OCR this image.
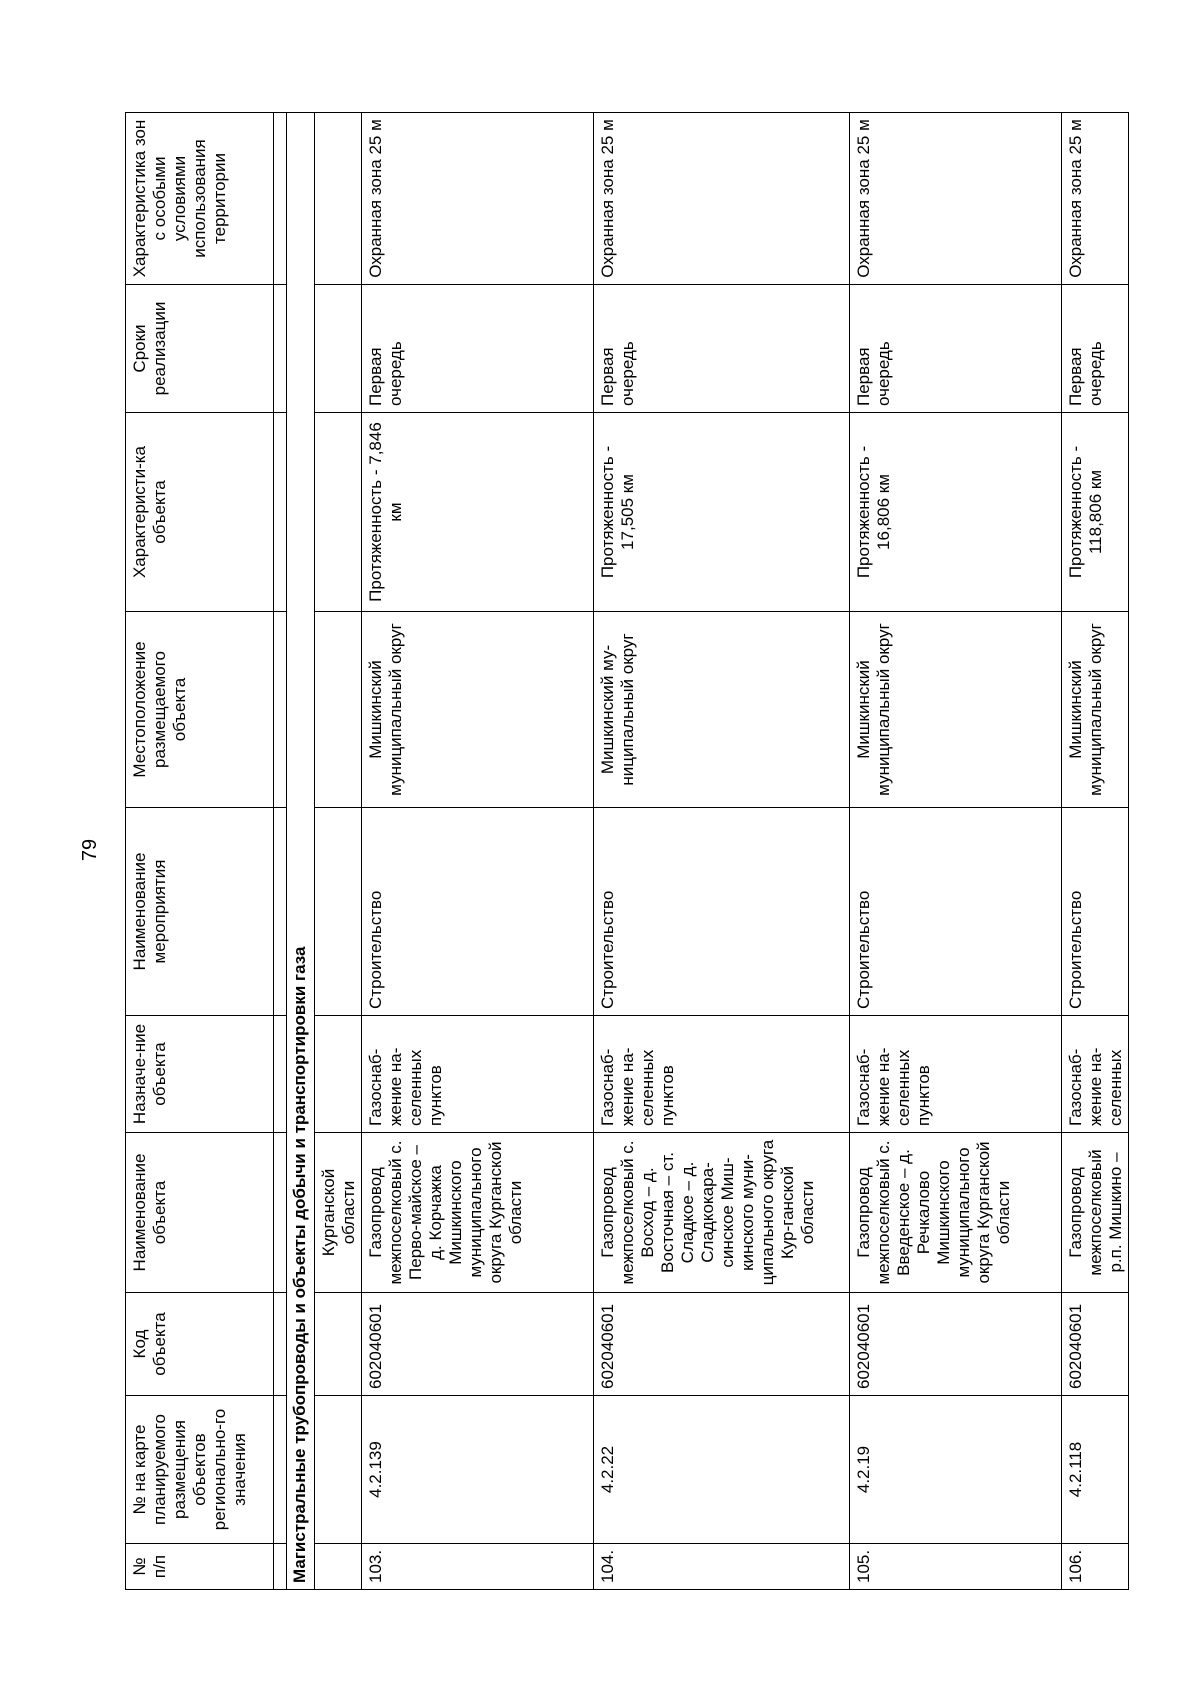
79
№ п/п	№ на карте планируемого размещения объектов регионально-го значения	Код объекта	Наименование объекта	Назначе-ние объекта	Наименование мероприятия	Местоположение размещаемого объекта	Характеристи-ка объекта	Сроки реализации	Характеристика зон с особыми условиями использования территории

Магистральные трубопроводы и объекты добычи и транспортировки газа									
			Курганской области						
103.	4.2.139	602040601	Газопровод межпоселковый с. Перво-майское – д. Корчажка Мишкинского муниципального округа Курганской области	Газоснаб-жение на-селенных пунктов	Строительство	Мишкинский муниципальный округ	Протяженность - 7,846 км	Первая очередь	Охранная зона 25 м
104.	4.2.22	602040601	Газопровод межпоселковый с. Восход – д. Восточная – ст. Сладкое – д. Сладкокара-синское Миш-кинского муни-ципального округа Кур-ганской области	Газоснаб-жение на-селенных пунктов	Строительство	Мишкинский му-ниципальный округ	Протяженность - 17,505 км	Первая очередь	Охранная зона 25 м
105.	4.2.19	602040601	Газопровод межпоселковый с. Введенское – д. Речкалово Мишкинского муниципального округа Курганской области	Газоснаб-жение на-селенных пунктов	Строительство	Мишкинский муниципальный округ	Протяженность - 16,806 км	Первая очередь	Охранная зона 25 м
106.	4.2.118	602040601	Газопровод межпоселковый р.п. Мишкино –	Газоснаб-жение на-селенных	Строительство	Мишкинский муниципальный округ	Протяженность - 118,806 км	Первая очередь	Охранная зона 25 м
